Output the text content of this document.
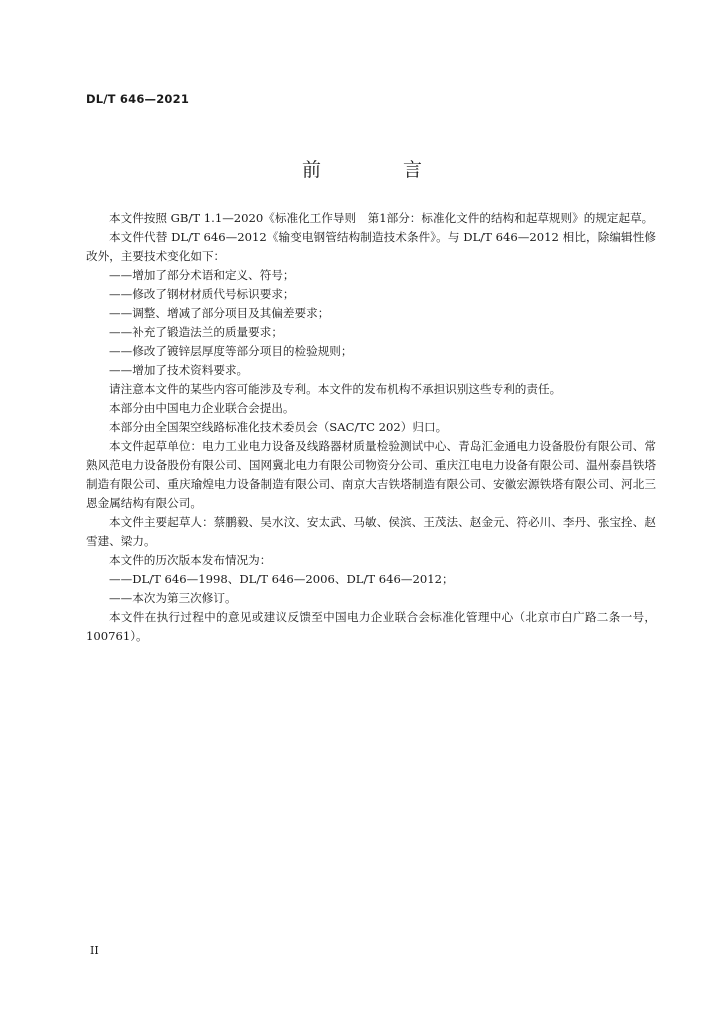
DL/T 646—2021
前 言

本文件按照 GB/T 1.1—2020《标准化工作导则　第1部分：标准化文件的结构和起草规则》的规定起草。

本文件代替 DL/T 646—2012《输变电钢管结构制造技术条件》。与 DL/T 646—2012 相比，除编辑性修改外，主要技术变化如下：

——增加了部分术语和定义、符号；

——修改了钢材材质代号标识要求；

——调整、增减了部分项目及其偏差要求；

——补充了锻造法兰的质量要求；

——修改了镀锌层厚度等部分项目的检验规则；

——增加了技术资料要求。

请注意本文件的某些内容可能涉及专利。本文件的发布机构不承担识别这些专利的责任。

本部分由中国电力企业联合会提出。

本部分由全国架空线路标准化技术委员会（SAC/TC 202）归口。

本文件起草单位：电力工业电力设备及线路器材质量检验测试中心、青岛汇金通电力设备股份有限公司、常熟风范电力设备股份有限公司、国网冀北电力有限公司物资分公司、重庆江电电力设备有限公司、温州泰昌铁塔制造有限公司、重庆瑜煌电力设备制造有限公司、南京大吉铁塔制造有限公司、安徽宏源铁塔有限公司、河北三恩金属结构有限公司。

本文件主要起草人：蔡鹏毅、吴水汶、安太武、马敏、侯滨、王茂法、赵金元、符必川、李丹、张宝拴、赵雪建、梁力。

本文件的历次版本发布情况为：

——DL/T 646—1998、DL/T 646—2006、DL/T 646—2012；

——本次为第三次修订。

本文件在执行过程中的意见或建议反馈至中国电力企业联合会标准化管理中心（北京市白广路二条一号，100761）。

II
